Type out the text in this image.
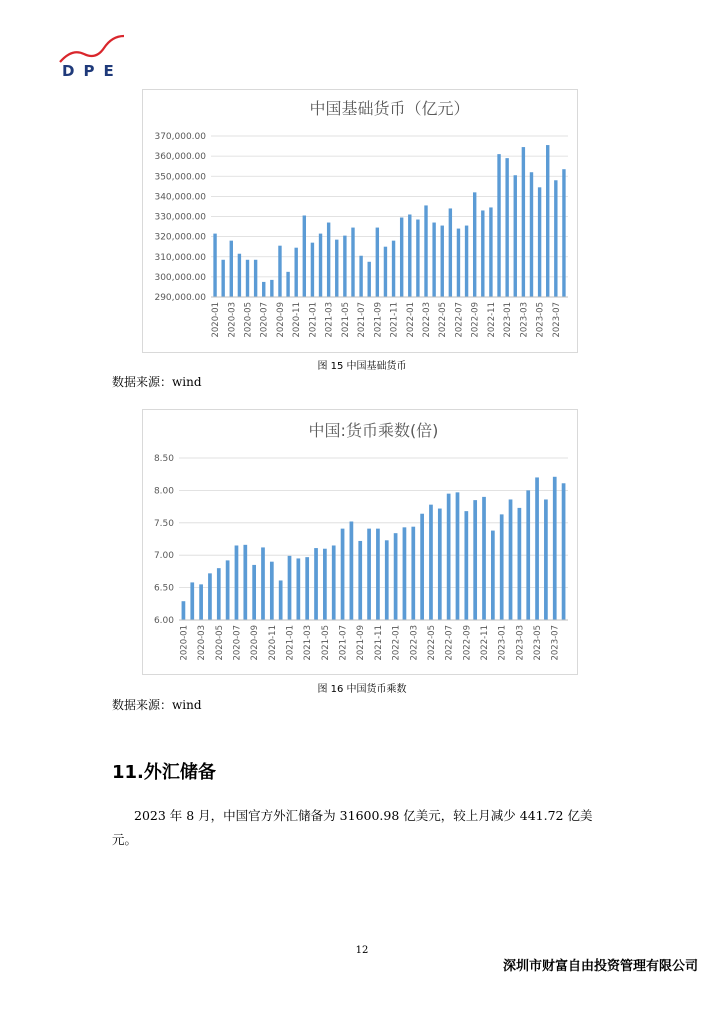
DPE
中国基础货币（亿元）
290,000.00
300,000.00
310,000.00
320,000.00
330,000.00
340,000.00
350,000.00
360,000.00
370,000.00
2020-01 2020-03 2020-05 2020-07 2020-09 2020-11 2021-01 2021-03 2021-05 2021-07 2021-09 2021-11 2022-01 2022-03 2022-05 2022-07 2022-09 2022-11 2023-01 2023-03 2023-05 2023-07
图 15 中国基础货币
数据来源：wind
中国:货币乘数(倍)
6.00
6.50
7.00
7.50
8.00
8.50
2020-01 2020-03 2020-05 2020-07 2020-09 2020-11 2021-01 2021-03 2021-05 2021-07 2021-09 2021-11 2022-01 2022-03 2022-05 2022-07 2022-09 2022-11 2023-01 2023-03 2023-05 2023-07
图 16 中国货币乘数
数据来源：wind
11.外汇储备
2023 年 8 月，中国官方外汇储备为 31600.98 亿美元，较上月减少 441.72 亿美元。
12
深圳市财富自由投资管理有限公司
